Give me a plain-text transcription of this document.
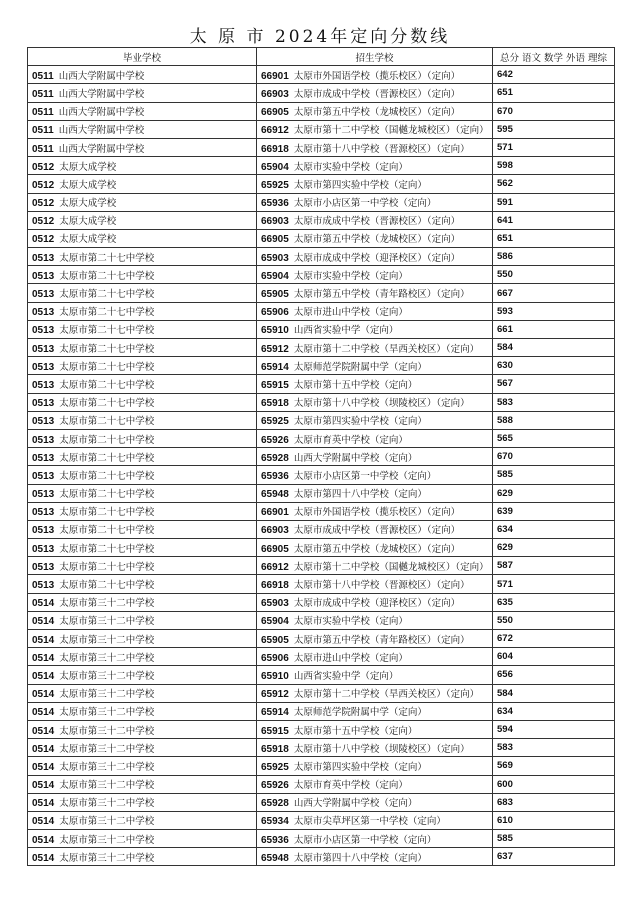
太 原 市 2024年定向分数线
毕业学校	招生学校	总分 语文 数学 外语 理综
0511 山西大学附属中学校	66901 太原市外国语学校（揽乐校区）（定向）	642
0511 山西大学附属中学校	66903 太原市成成中学校（晋源校区）（定向）	651
0511 山西大学附属中学校	66905 太原市第五中学校（龙城校区）（定向）	670
0511 山西大学附属中学校	66912 太原市第十二中学校（国樾龙城校区）（定向）	595
0511 山西大学附属中学校	66918 太原市第十八中学校（晋源校区）（定向）	571
0512 太原大成学校	65904 太原市实验中学校（定向）	598
0512 太原大成学校	65925 太原市第四实验中学校（定向）	562
0512 太原大成学校	65936 太原市小店区第一中学校（定向）	591
0512 太原大成学校	66903 太原市成成中学校（晋源校区）（定向）	641
0512 太原大成学校	66905 太原市第五中学校（龙城校区）（定向）	651
0513 太原市第二十七中学校	65903 太原市成成中学校（迎泽校区）（定向）	586
0513 太原市第二十七中学校	65904 太原市实验中学校（定向）	550
0513 太原市第二十七中学校	65905 太原市第五中学校（青年路校区）（定向）	667
0513 太原市第二十七中学校	65906 太原市进山中学校（定向）	593
0513 太原市第二十七中学校	65910 山西省实验中学（定向）	661
0513 太原市第二十七中学校	65912 太原市第十二中学校（旱西关校区）（定向）	584
0513 太原市第二十七中学校	65914 太原师范学院附属中学（定向）	630
0513 太原市第二十七中学校	65915 太原市第十五中学校（定向）	567
0513 太原市第二十七中学校	65918 太原市第十八中学校（坝陵校区）（定向）	583
0513 太原市第二十七中学校	65925 太原市第四实验中学校（定向）	588
0513 太原市第二十七中学校	65926 太原市育英中学校（定向）	565
0513 太原市第二十七中学校	65928 山西大学附属中学校（定向）	670
0513 太原市第二十七中学校	65936 太原市小店区第一中学校（定向）	585
0513 太原市第二十七中学校	65948 太原市第四十八中学校（定向）	629
0513 太原市第二十七中学校	66901 太原市外国语学校（揽乐校区）（定向）	639
0513 太原市第二十七中学校	66903 太原市成成中学校（晋源校区）（定向）	634
0513 太原市第二十七中学校	66905 太原市第五中学校（龙城校区）（定向）	629
0513 太原市第二十七中学校	66912 太原市第十二中学校（国樾龙城校区）（定向）	587
0513 太原市第二十七中学校	66918 太原市第十八中学校（晋源校区）（定向）	571
0514 太原市第三十二中学校	65903 太原市成成中学校（迎泽校区）（定向）	635
0514 太原市第三十二中学校	65904 太原市实验中学校（定向）	550
0514 太原市第三十二中学校	65905 太原市第五中学校（青年路校区）（定向）	672
0514 太原市第三十二中学校	65906 太原市进山中学校（定向）	604
0514 太原市第三十二中学校	65910 山西省实验中学（定向）	656
0514 太原市第三十二中学校	65912 太原市第十二中学校（旱西关校区）（定向）	584
0514 太原市第三十二中学校	65914 太原师范学院附属中学（定向）	634
0514 太原市第三十二中学校	65915 太原市第十五中学校（定向）	594
0514 太原市第三十二中学校	65918 太原市第十八中学校（坝陵校区）（定向）	583
0514 太原市第三十二中学校	65925 太原市第四实验中学校（定向）	569
0514 太原市第三十二中学校	65926 太原市育英中学校（定向）	600
0514 太原市第三十二中学校	65928 山西大学附属中学校（定向）	683
0514 太原市第三十二中学校	65934 太原市尖草坪区第一中学校（定向）	610
0514 太原市第三十二中学校	65936 太原市小店区第一中学校（定向）	585
0514 太原市第三十二中学校	65948 太原市第四十八中学校（定向）	637
